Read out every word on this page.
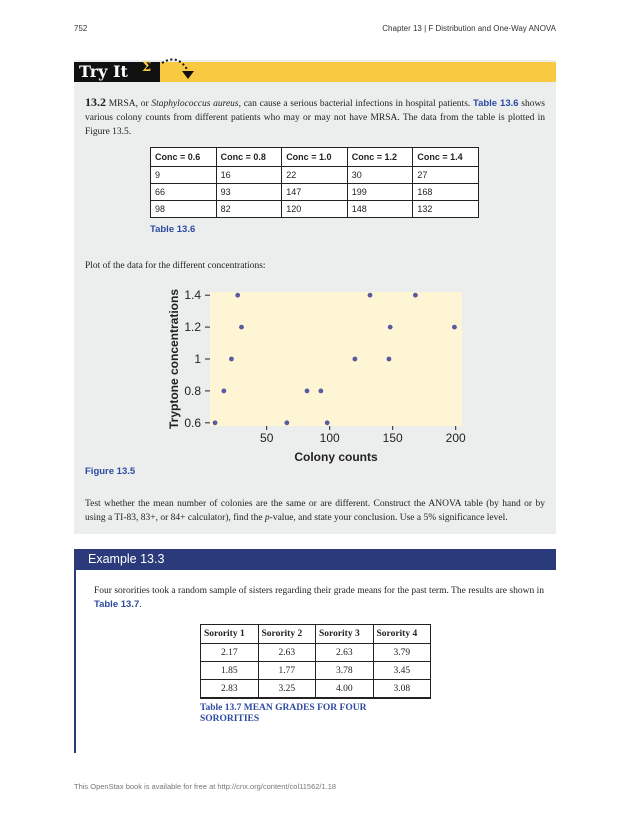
752	Chapter 13 | F Distribution and One-Way ANOVA
Try It	Σ
13.2 MRSA, or Staphylococcus aureus, can cause a serious bacterial infections in hospital patients. Table 13.6 shows various colony counts from different patients who may or may not have MRSA. The data from the table is plotted in Figure 13.5.
Conc = 0.6	Conc = 0.8	Conc = 1.0	Conc = 1.2	Conc = 1.4
9	16	22	30	27
66	93	147	199	168
98	82	120	148	132
Table 13.6
Plot of the data for the different concentrations:
50	100	150	200
0.6
0.8
1
1.2
1.4
Colony counts
Tryptone concentrations
Figure 13.5
Test whether the mean number of colonies are the same or are different. Construct the ANOVA table (by hand or by using a TI-83, 83+, or 84+ calculator), find the p-value, and state your conclusion. Use a 5% significance level.
Example 13.3
Four sororities took a random sample of sisters regarding their grade means for the past term. The results are shown in Table 13.7.
Sorority 1	Sorority 2	Sorority 3	Sorority 4
2.17	2.63	2.63	3.79
1.85	1.77	3.78	3.45
2.83	3.25	4.00	3.08
Table 13.7 MEAN GRADES FOR FOUR SORORITIES
This OpenStax book is available for free at http://cnx.org/content/col11562/1.18
